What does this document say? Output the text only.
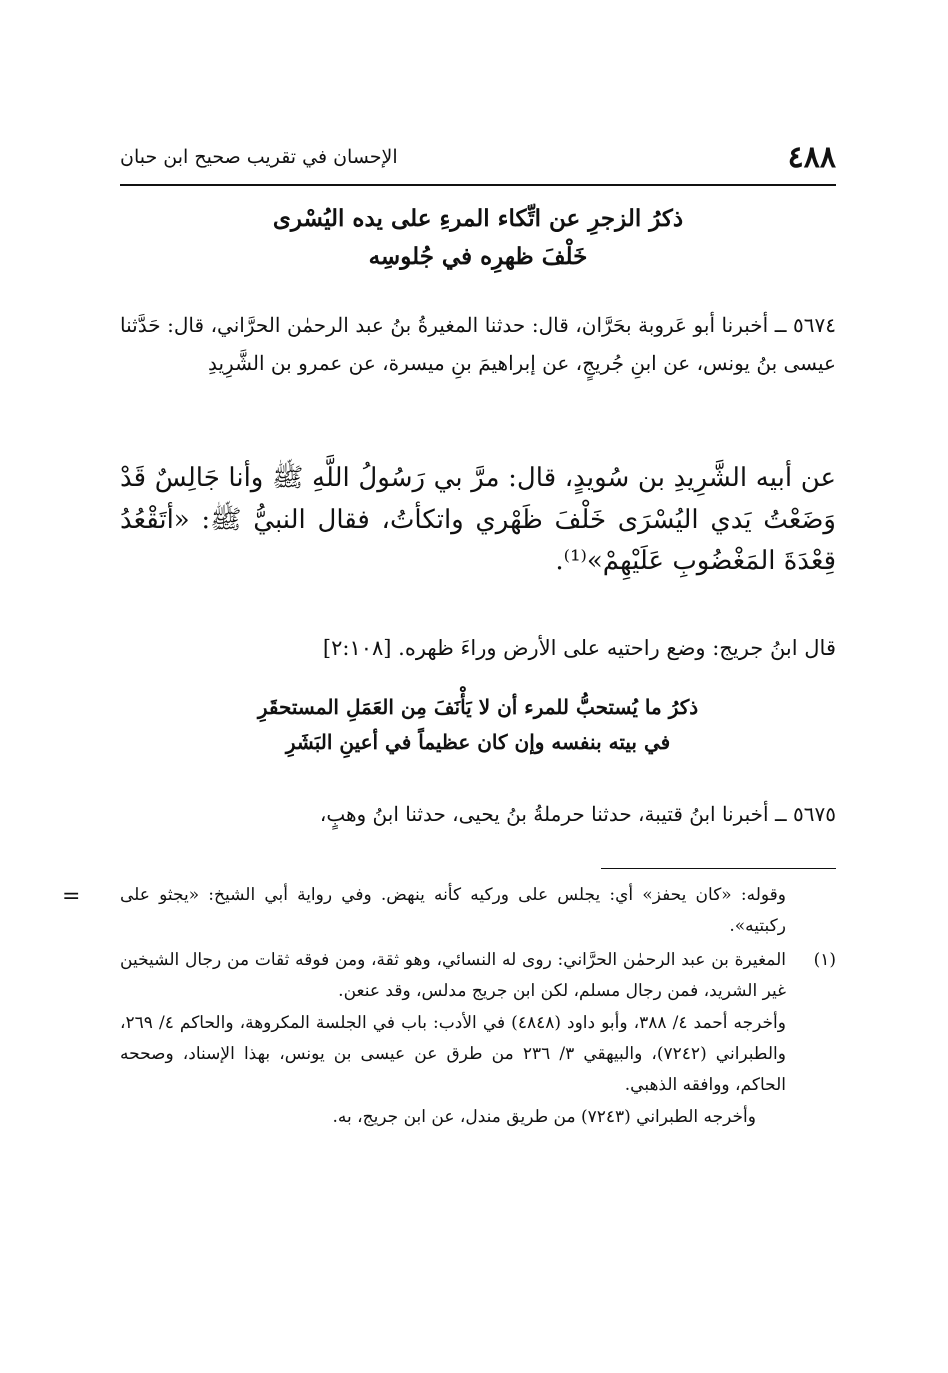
٤٨٨
الإحسان في تقريب صحيح ابن حبان
ذكرُ الزجرِ عن اتِّكاء المرءِ على يده اليُسْرى
خَلْفَ ظهرِه في جُلوسِه

٥٦٧٤ ــ أخبرنا أبو عَروبة بحَرَّان، قال: حدثنا المغيرةُ بنُ عبد الرحمٰن الحرَّاني، قال: حَدَّثنا عيسى بنُ يونس، عن ابنِ جُريجٍ، عن إبراهيمَ بنِ ميسرة، عن عمرو بن الشَّرِيدِ

عن أبيه الشَّرِيدِ بن سُويدٍ، قال: مرَّ بي رَسُولُ اللَّهِ ﷺ وأنا جَالِسٌ قَدْ وَضَعْتُ يَدي اليُسْرَى خَلْفَ ظَهْري واتكأتُ، فقال النبيُّ ﷺ: «أتَقْعُدُ قِعْدَةَ المَغْضُوبِ عَلَيْهِمْ»⁽¹⁾.

قال ابنُ جريج: وضع راحتيه على الأرض وراءَ ظهره. [٢:١٠٨]

ذكرُ ما يُستحبُّ للمرء أن لا يَأْنَفَ مِن العَمَلِ المستحقَرِ
في بيته بنفسه وإن كان عظيماً في أعينِ البَشَرِ

٥٦٧٥ ــ أخبرنا ابنُ قتيبة، حدثنا حرملةُ بنُ يحيى، حدثنا ابنُ وهبٍ،

= وقوله: «كان يحفز» أي: يجلس على وركيه كأنه ينهض. وفي رواية أبي الشيخ: «يجثو على ركبتيه».
(١)
المغيرة بن عبد الرحمٰن الحرَّاني: روى له النسائي، وهو ثقة، ومن فوقه ثقات من رجال الشيخين غير الشريد، فمن رجال مسلم، لكن ابن جريج مدلس، وقد عنعن.
وأخرجه أحمد ٤/ ٣٨٨، وأبو داود (٤٨٤٨) في الأدب: باب في الجلسة المكروهة، والحاكم ٤/ ٢٦٩، والطبراني (٧٢٤٢)، والبيهقي ٣/ ٢٣٦ من طرق عن عيسى بن يونس، بهذا الإسناد، وصححه الحاكم، ووافقه الذهبي.
وأخرجه الطبراني (٧٢٤٣) من طريق مندل، عن ابن جريج، به.
